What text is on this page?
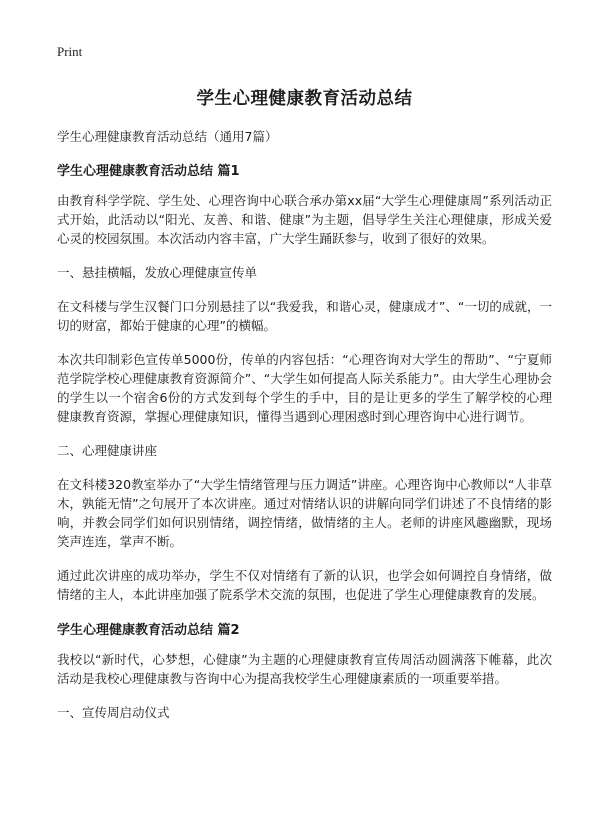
Print
学生心理健康教育活动总结
学生心理健康教育活动总结（通用7篇）
学生心理健康教育活动总结 篇1

由教育科学学院、学生处、心理咨询中心联合承办第xx届“大学生心理健康周”系列活动正式开始，此活动以“阳光、友善、和谐、健康”为主题，倡导学生关注心理健康，形成关爱心灵的校园氛围。本次活动内容丰富，广大学生踊跃参与，收到了很好的效果。

一、悬挂横幅，发放心理健康宣传单

在文科楼与学生汉餐门口分别悬挂了以“我爱我，和谐心灵，健康成才”、“一切的成就，一切的财富，都始于健康的心理”的横幅。

本次共印制彩色宣传单5000份，传单的内容包括：“心理咨询对大学生的帮助”、“宁夏师范学院学校心理健康教育资源简介”、“大学生如何提高人际关系能力”。由大学生心理协会的学生以一个宿舍6份的方式发到每个学生的手中，目的是让更多的学生了解学校的心理健康教育资源，掌握心理健康知识，懂得当遇到心理困惑时到心理咨询中心进行调节。

二、心理健康讲座

在文科楼320教室举办了“大学生情绪管理与压力调适”讲座。心理咨询中心教师以“人非草木，孰能无情”之句展开了本次讲座。通过对情绪认识的讲解向同学们讲述了不良情绪的影响，并教会同学们如何识别情绪，调控情绪，做情绪的主人。老师的讲座风趣幽默，现场笑声连连，掌声不断。

通过此次讲座的成功举办，学生不仅对情绪有了新的认识，也学会如何调控自身情绪，做情绪的主人，本此讲座加强了院系学术交流的氛围，也促进了学生心理健康教育的发展。

学生心理健康教育活动总结 篇2

我校以“新时代，心梦想，心健康”为主题的心理健康教育宣传周活动圆满落下帷幕，此次活动是我校心理健康教与咨询中心为提高我校学生心理健康素质的一项重要举措。

一、宣传周启动仪式
